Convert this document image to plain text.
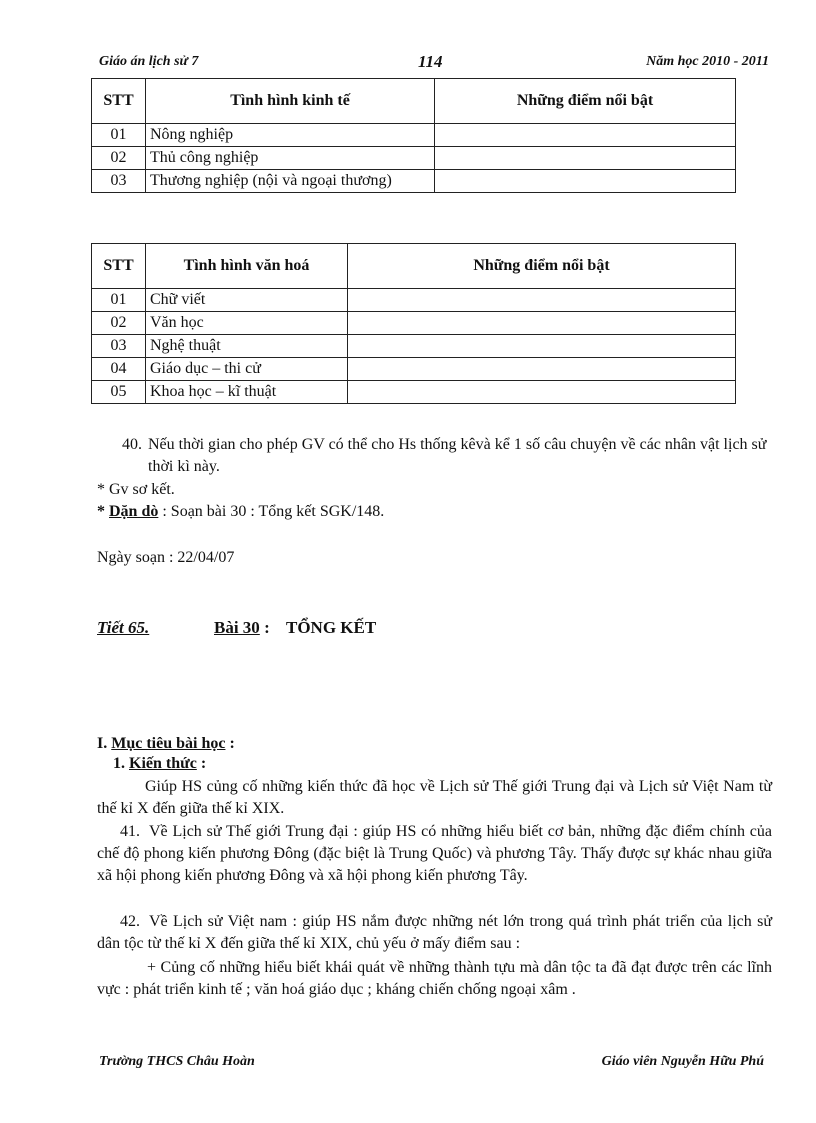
Giáo án lịch sử 7	114	Năm học 2010 - 2011
STT	Tình hình kinh tế	Những điểm nổi bật
01	Nông nghiệp	
02	Thủ công nghiệp	
03	Thương nghiệp (nội và ngoại thương)	
STT	Tình hình văn hoá	Những điểm nổi bật
01	Chữ viết	
02	Văn học	
03	Nghệ thuật	
04	Giáo dục – thi cử	
05	Khoa học – kĩ thuật	
40. Nếu thời gian cho phép GV có thể cho Hs thống kêvà kể 1 số câu chuyện về các nhân vật lịch sử thời kì này.
* Gv sơ kết.
* Dặn dò : Soạn bài 30 : Tổng kết SGK/148.
Ngày soạn : 22/04/07
Tiết 65.	Bài 30 : TỔNG KẾT
I. Mục tiêu bài học :
1. Kiến thức :
Giúp HS củng cố những kiến thức đã học về Lịch sử Thế giới Trung đại và Lịch sử Việt Nam từ thế kỉ X đến giữa thế kỉ XIX.
41. Về Lịch sử Thế giới Trung đại : giúp HS có những hiểu biết cơ bản, những đặc điểm chính của chế độ phong kiến phương Đông (đặc biệt là Trung Quốc) và phương Tây. Thấy được sự khác nhau giữa xã hội phong kiến phương Đông và xã hội phong kiến phương Tây.
42. Về Lịch sử Việt nam : giúp HS nắm được những nét lớn trong quá trình phát triển của lịch sử dân tộc từ thế kỉ X đến giữa thế kỉ XIX, chủ yếu ở mấy điểm sau :
+ Củng cố những hiểu biết khái quát về những thành tựu mà dân tộc ta đã đạt được trên các lĩnh vực : phát triển kinh tế ; văn hoá giáo dục ; kháng chiến chống ngoại xâm .
Trường THCS Châu Hoàn	Giáo viên Nguyễn Hữu Phú
